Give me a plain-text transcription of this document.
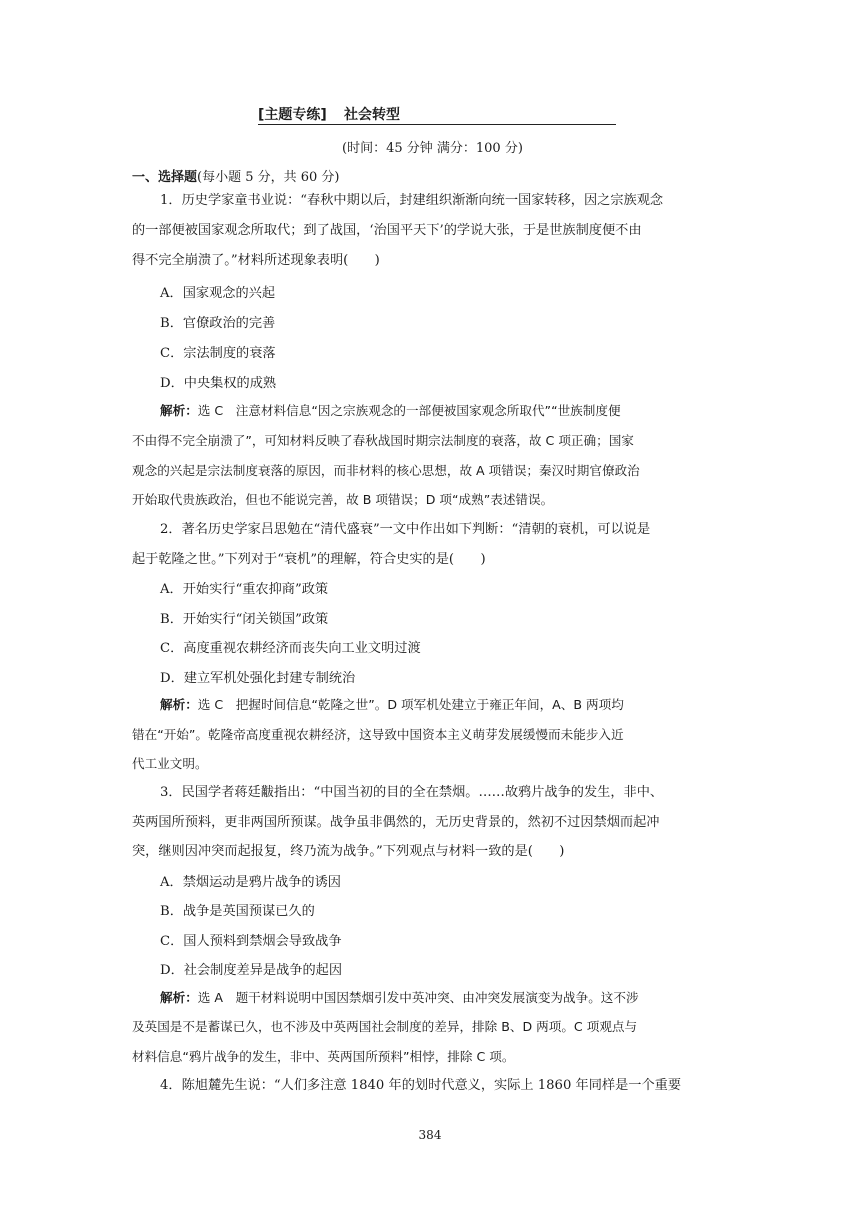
[主题专练] 社会转型
(时间：45 分钟 满分：100 分)
一、选择题(每小题 5 分，共 60 分)
1．历史学家童书业说：“春秋中期以后，封建组织渐渐向统一国家转移，因之宗族观念
的一部便被国家观念所取代；到了战国，‘治国平天下’的学说大张，于是世族制度便不由
得不完全崩溃了。”材料所述现象表明(　　)
A．国家观念的兴起
B．官僚政治的完善
C．宗法制度的衰落
D．中央集权的成熟
解析：选 C　注意材料信息“因之宗族观念的一部便被国家观念所取代”“世族制度便
不由得不完全崩溃了”，可知材料反映了春秋战国时期宗法制度的衰落，故 C 项正确；国家
观念的兴起是宗法制度衰落的原因，而非材料的核心思想，故 A 项错误；秦汉时期官僚政治
开始取代贵族政治，但也不能说完善，故 B 项错误；D 项“成熟”表述错误。
2．著名历史学家吕思勉在“清代盛衰”一文中作出如下判断：“清朝的衰机，可以说是
起于乾隆之世。”下列对于“衰机”的理解，符合史实的是(　　)
A．开始实行“重农抑商”政策
B．开始实行“闭关锁国”政策
C．高度重视农耕经济而丧失向工业文明过渡
D．建立军机处强化封建专制统治
解析：选 C　把握时间信息“乾隆之世”。D 项军机处建立于雍正年间，A、B 两项均
错在“开始”。乾隆帝高度重视农耕经济，这导致中国资本主义萌芽发展缓慢而未能步入近
代工业文明。
3．民国学者蒋廷黻指出：“中国当初的目的全在禁烟。……故鸦片战争的发生，非中、
英两国所预料，更非两国所预谋。战争虽非偶然的，无历史背景的，然初不过因禁烟而起冲
突，继则因冲突而起报复，终乃流为战争。”下列观点与材料一致的是(　　)
A．禁烟运动是鸦片战争的诱因
B．战争是英国预谋已久的
C．国人预料到禁烟会导致战争
D．社会制度差异是战争的起因
解析：选 A　题干材料说明中国因禁烟引发中英冲突、由冲突发展演变为战争。这不涉
及英国是不是蓄谋已久，也不涉及中英两国社会制度的差异，排除 B、D 两项。C 项观点与
材料信息“鸦片战争的发生，非中、英两国所预料”相悖，排除 C 项。
4．陈旭麓先生说：“人们多注意 1840 年的划时代意义，实际上 1860 年同样是一个重要
384
